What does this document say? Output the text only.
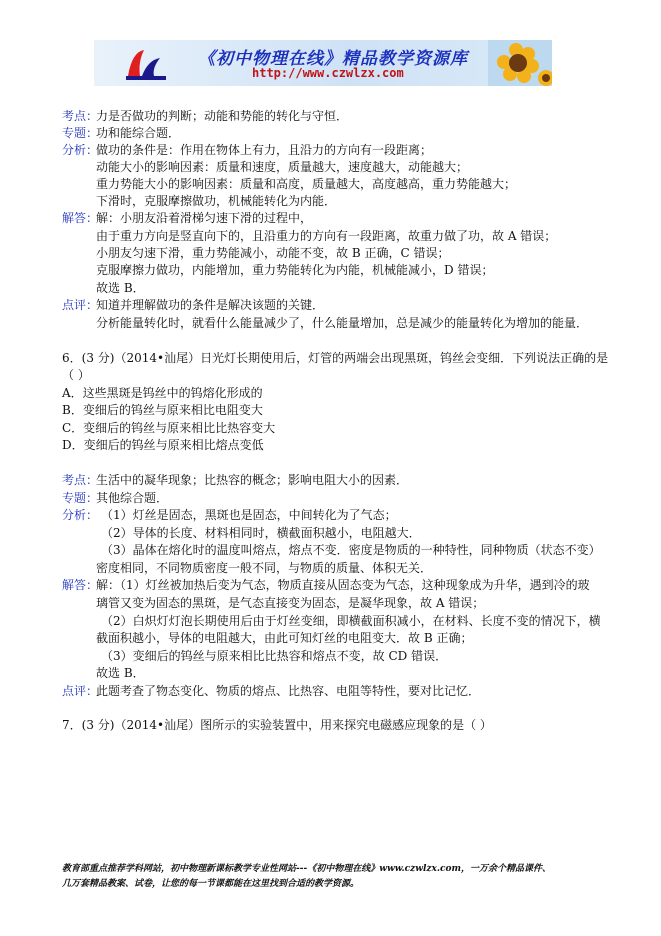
《初中物理在线》精品教学资源库
http://www.czwlzx.com
考点：
力是否做功的判断；动能和势能的转化与守恒．
专题：
功和能综合题．
分析：
做功的条件是：作用在物体上有力，且沿力的方向有一段距离；
动能大小的影响因素：质量和速度，质量越大，速度越大，动能越大；
重力势能大小的影响因素：质量和高度，质量越大，高度越高，重力势能越大；
下滑时，克服摩擦做功，机械能转化为内能．
解答：
解：小朋友沿着滑梯匀速下滑的过程中，
由于重力方向是竖直向下的，且沿重力的方向有一段距离，故重力做了功，故 A 错误；
小朋友匀速下滑，重力势能减小，动能不变，故 B 正确，C 错误；
克服摩擦力做功，内能增加，重力势能转化为内能，机械能减小，D 错误；
故选 B．
点评：
知道并理解做功的条件是解决该题的关键．
分析能量转化时，就看什么能量减少了，什么能量增加，总是减少的能量转化为增加的能量．
6．(3 分)（2014•汕尾）日光灯长期使用后，灯管的两端会出现黑斑，钨丝会变细．下列说法正确的是
（ ）
A．这些黑斑是钨丝中的钨熔化形成的
B．变细后的钨丝与原来相比电阻变大
C．变细后的钨丝与原来相比比热容变大
D．变细后的钨丝与原来相比熔点变低
考点：
生活中的凝华现象；比热容的概念；影响电阻大小的因素．
专题：
其他综合题．
分析： （1）灯丝是固态，黑斑也是固态，中间转化为了气态；
（2）导体的长度、材料相同时，横截面积越小，电阻越大．
（3）晶体在熔化时的温度叫熔点，熔点不变．密度是物质的一种特性，同种物质（状态不变）
密度相同，不同物质密度一般不同，与物质的质量、体积无关．
解答：
解：（1）灯丝被加热后变为气态，物质直接从固态变为气态，这种现象成为升华，遇到冷的玻
璃管又变为固态的黑斑，是气态直接变为固态，是凝华现象，故 A 错误；
（2）白炽灯灯泡长期使用后由于灯丝变细，即横截面积减小，在材料、长度不变的情况下，横
截面积越小，导体的电阻越大，由此可知灯丝的电阻变大．故 B 正确；
（3）变细后的钨丝与原来相比比热容和熔点不变，故 CD 错误．
故选 B．
点评：
此题考查了物态变化、物质的熔点、比热容、电阻等特性，要对比记忆．
7．(3 分)（2014•汕尾）图所示的实验装置中，用来探究电磁感应现象的是（ ）
教育部重点推荐学科网站，初中物理新课标教学专业性网站---《初中物理在线》www.czwlzx.com，一万余个精品课件、
几万套精品教案、试卷，让您的每一节课都能在这里找到合适的教学资源。
